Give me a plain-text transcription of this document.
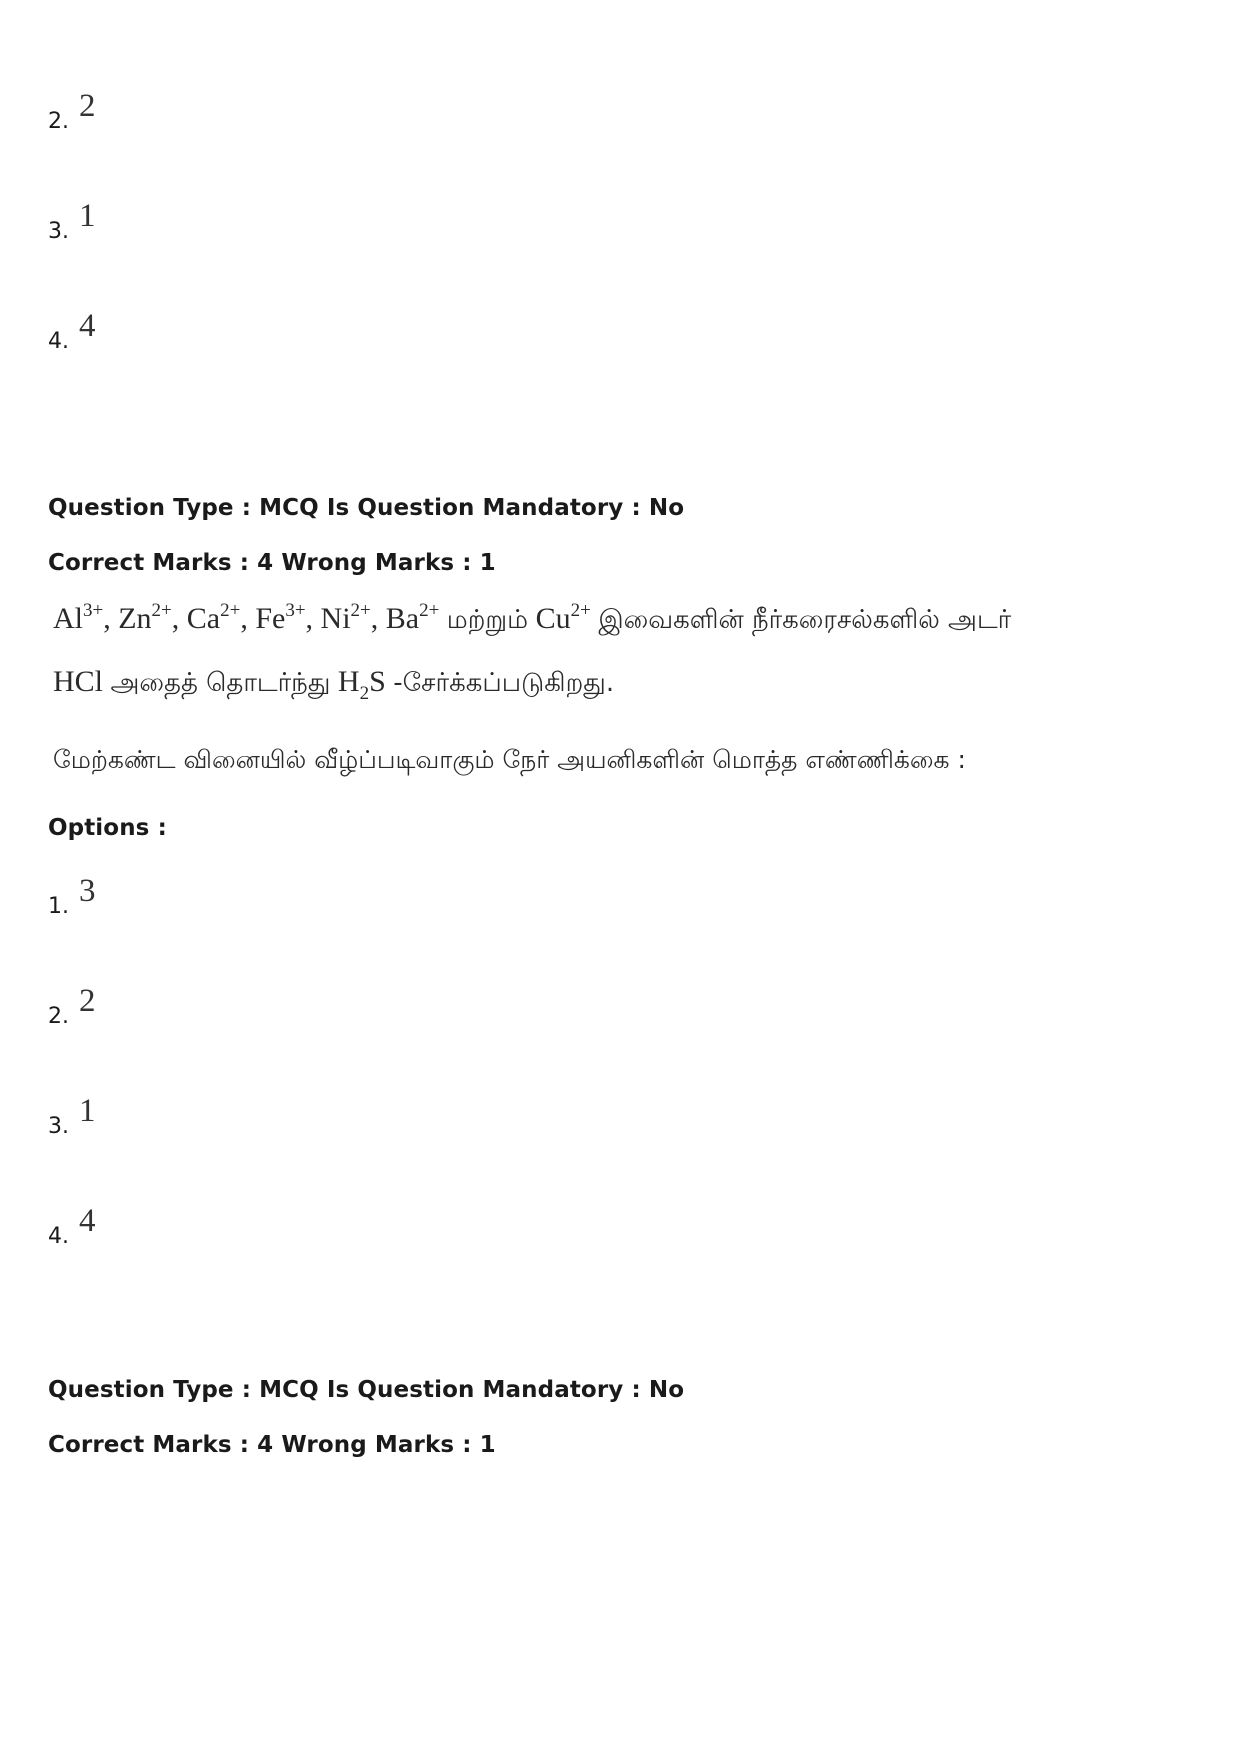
2. 2
3. 1
4. 4
Question Type : MCQ Is Question Mandatory : No
Correct Marks : 4 Wrong Marks : 1
$Al^{3+}$, $Zn^{2+}$, $Ca^{2+}$, $Fe^{3+}$, $Ni^{2+}$, $Ba^{2+}$ மற்றும் $Cu^{2+}$ இவைகளின் நீர்கரைசல்களில் அடர்
HCl அதைத் தொடர்ந்து $H_2S$ -சேர்க்கப்படுகிறது.
மேற்கண்ட வினையில் வீழ்ப்படிவாகும் நேர் அயனிகளின் மொத்த எண்ணிக்கை :
Options :
1. 3
2. 2
3. 1
4. 4
Question Type : MCQ Is Question Mandatory : No
Correct Marks : 4 Wrong Marks : 1
